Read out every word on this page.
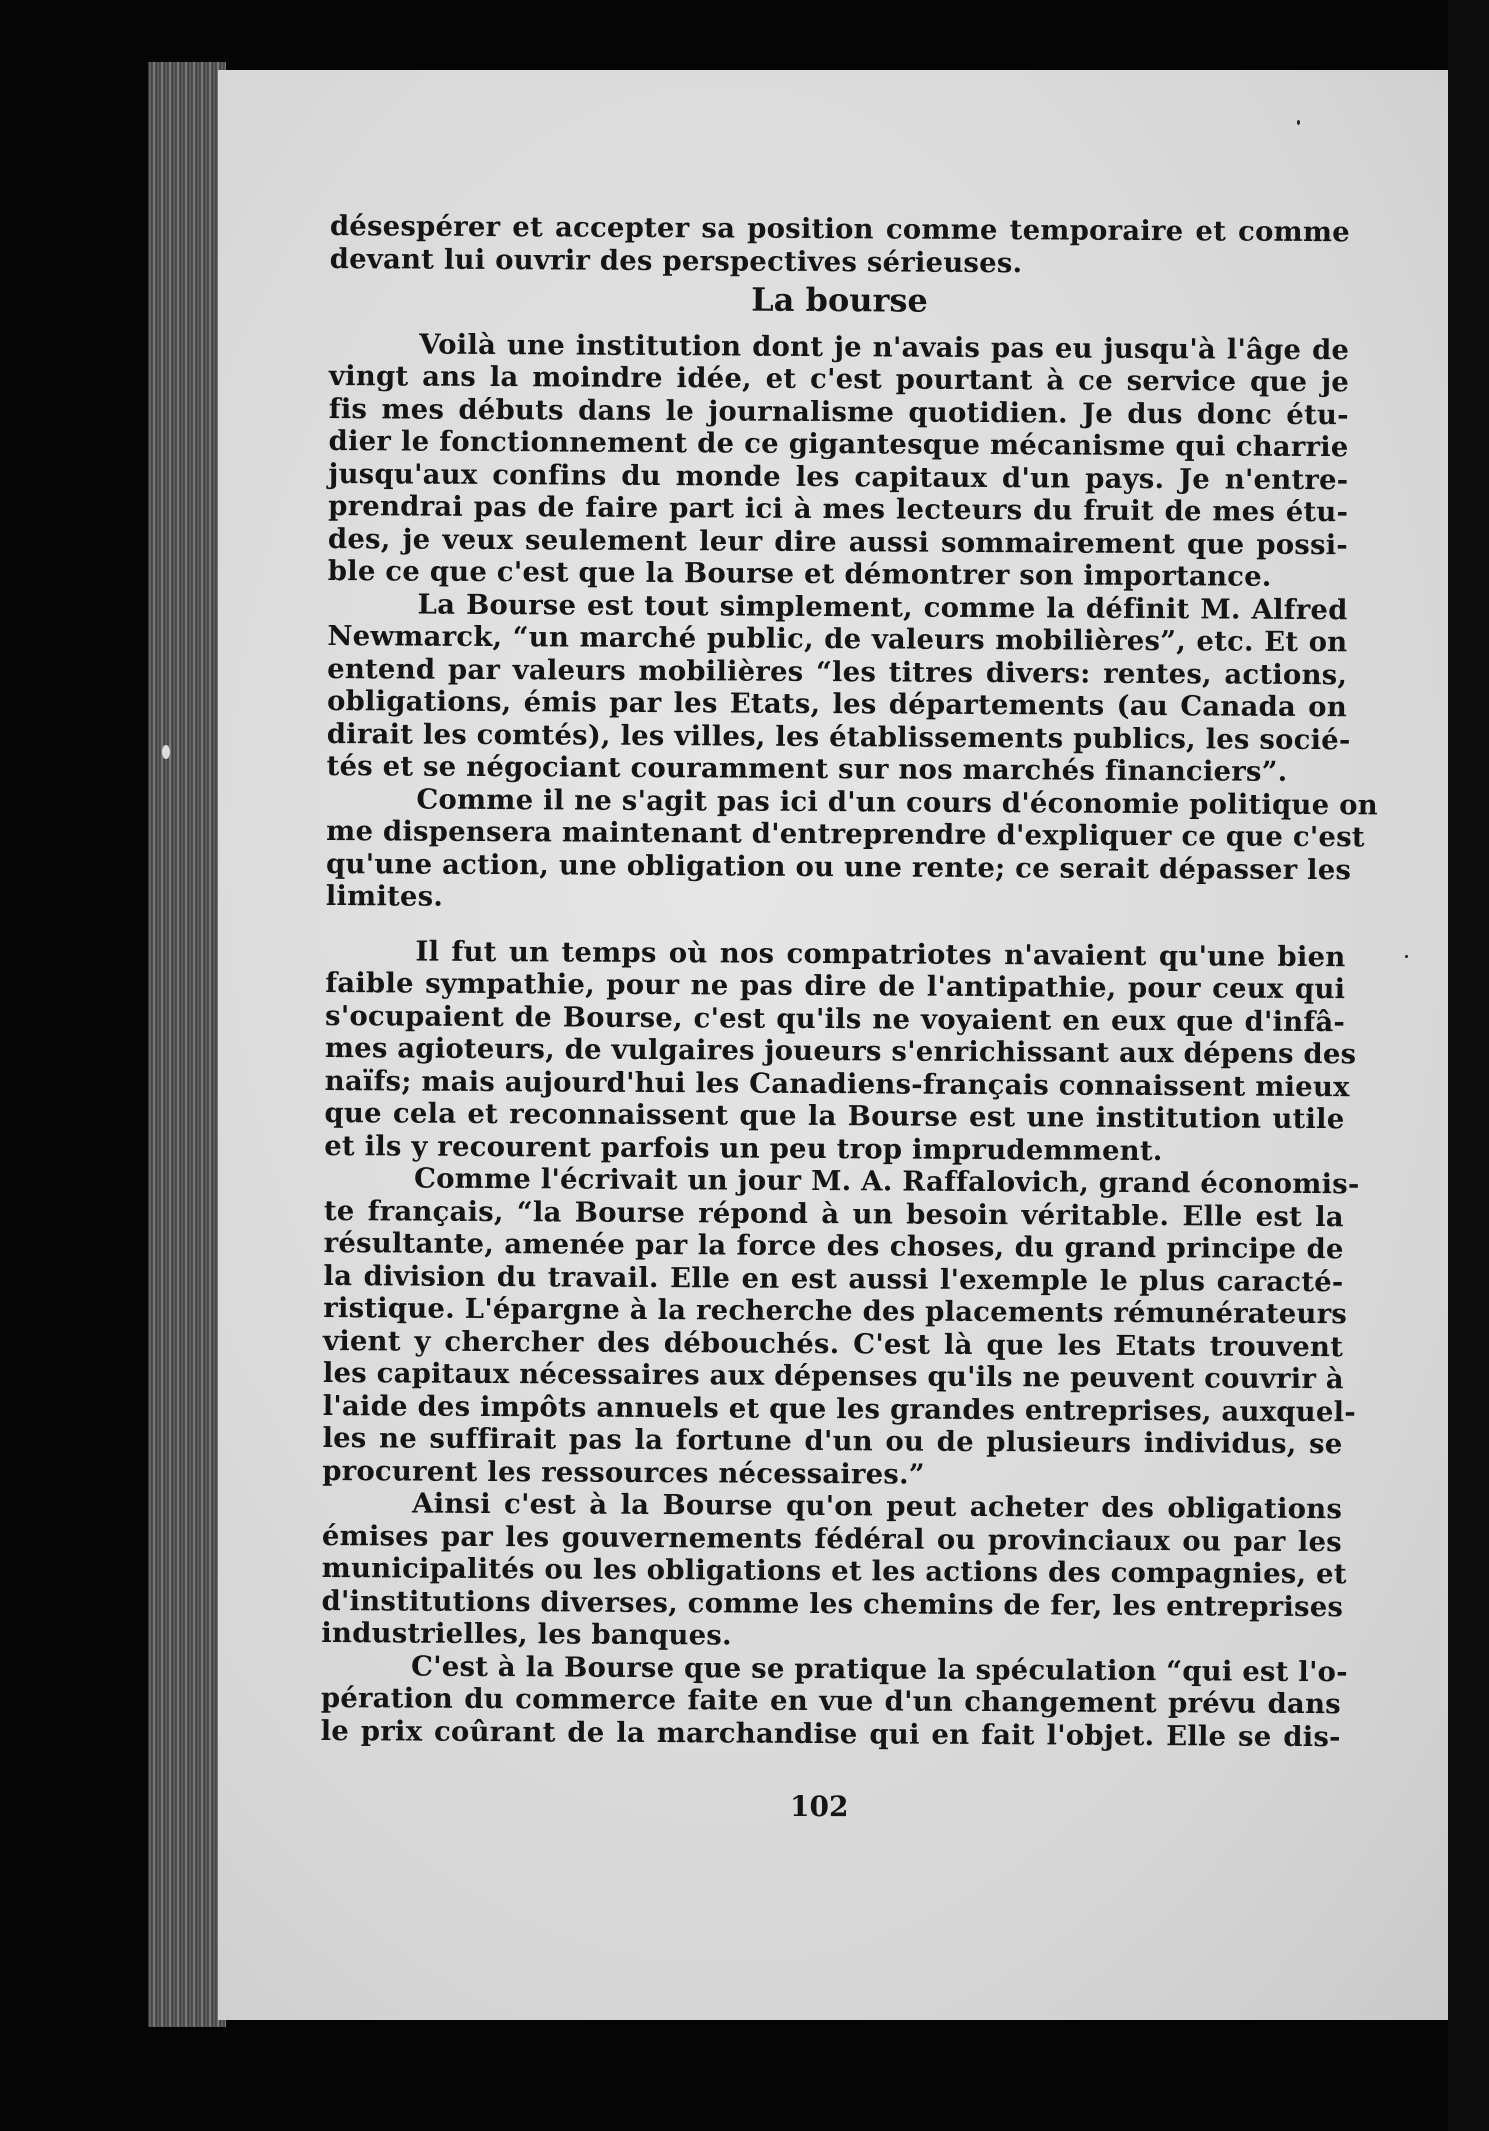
désespérer et accepter sa position comme temporaire et comme
devant lui ouvrir des perspectives sérieuses.

La bourse

Voilà une institution dont je n'avais pas eu jusqu'à l'âge de
vingt ans la moindre idée, et c'est pourtant à ce service que je
fis mes débuts dans le journalisme quotidien. Je dus donc étu-
dier le fonctionnement de ce gigantesque mécanisme qui charrie
jusqu'aux confins du monde les capitaux d'un pays. Je n'entre-
prendrai pas de faire part ici à mes lecteurs du fruit de mes étu-
des, je veux seulement leur dire aussi sommairement que possi-
ble ce que c'est que la Bourse et démontrer son importance.

La Bourse est tout simplement, comme la définit M. Alfred
Newmarck, “un marché public, de valeurs mobilières”, etc. Et on
entend par valeurs mobilières “les titres divers: rentes, actions,
obligations, émis par les Etats, les départements (au Canada on
dirait les comtés), les villes, les établissements publics, les socié-
tés et se négociant couramment sur nos marchés financiers”.

Comme il ne s'agit pas ici d'un cours d'économie politique on
me dispensera maintenant d'entreprendre d'expliquer ce que c'est
qu'une action, une obligation ou une rente; ce serait dépasser les
limites.

Il fut un temps où nos compatriotes n'avaient qu'une bien
faible sympathie, pour ne pas dire de l'antipathie, pour ceux qui
s'ocupaient de Bourse, c'est qu'ils ne voyaient en eux que d'infâ-
mes agioteurs, de vulgaires joueurs s'enrichissant aux dépens des
naïfs; mais aujourd'hui les Canadiens-français connaissent mieux
que cela et reconnaissent que la Bourse est une institution utile
et ils y recourent parfois un peu trop imprudemment.

Comme l'écrivait un jour M. A. Raffalovich, grand économis-
te français, “la Bourse répond à un besoin véritable. Elle est la
résultante, amenée par la force des choses, du grand principe de
la division du travail. Elle en est aussi l'exemple le plus caracté-
ristique. L'épargne à la recherche des placements rémunérateurs
vient y chercher des débouchés. C'est là que les Etats trouvent
les capitaux nécessaires aux dépenses qu'ils ne peuvent couvrir à
l'aide des impôts annuels et que les grandes entreprises, auxquel-
les ne suffirait pas la fortune d'un ou de plusieurs individus, se
procurent les ressources nécessaires.”

Ainsi c'est à la Bourse qu'on peut acheter des obligations
émises par les gouvernements fédéral ou provinciaux ou par les
municipalités ou les obligations et les actions des compagnies, et
d'institutions diverses, comme les chemins de fer, les entreprises
industrielles, les banques.

C'est à la Bourse que se pratique la spéculation “qui est l'o-
pération du commerce faite en vue d'un changement prévu dans
le prix coûrant de la marchandise qui en fait l'objet. Elle se dis-

102
